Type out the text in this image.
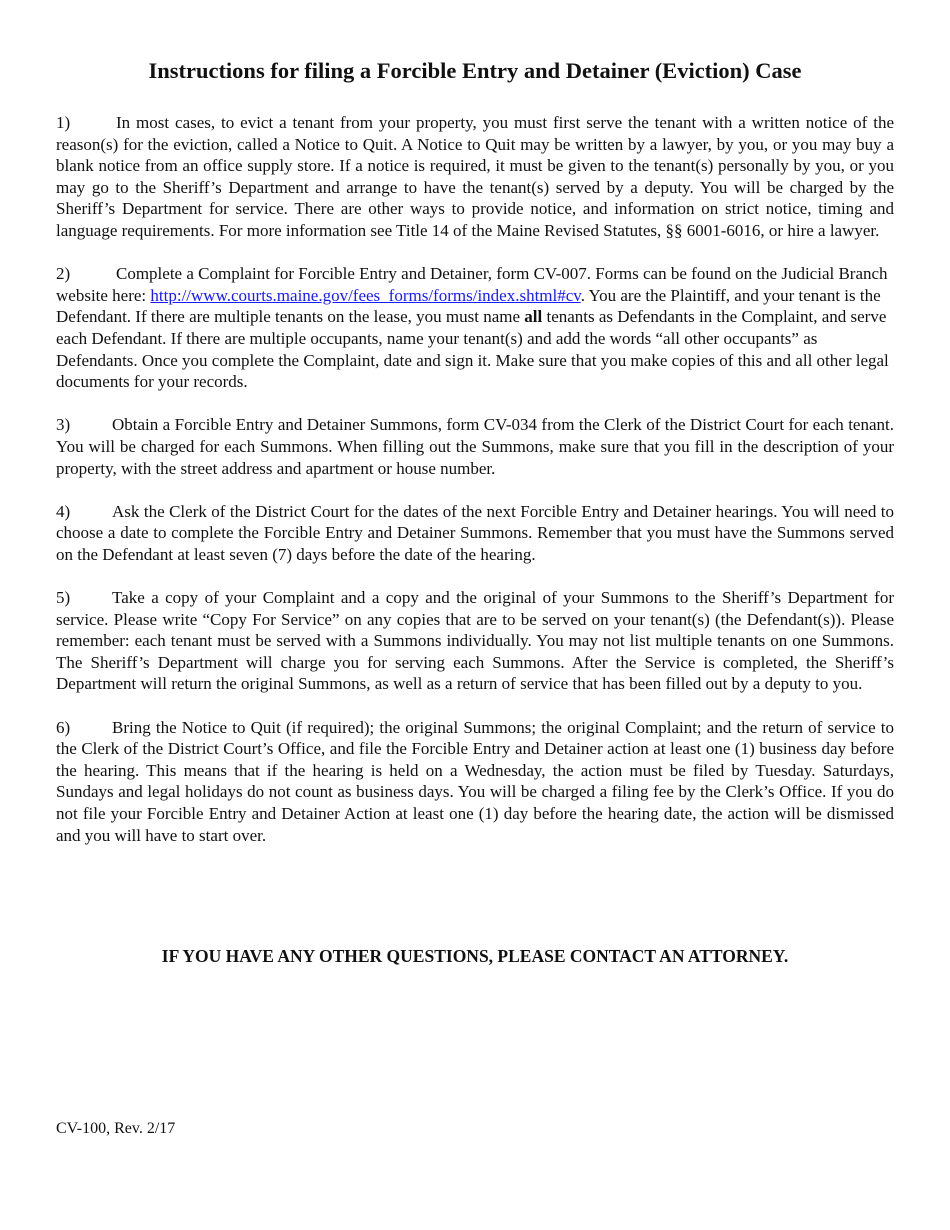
Instructions for filing a Forcible Entry and Detainer (Eviction) Case

1)	In most cases, to evict a tenant from your property, you must first serve the tenant with a written notice of the reason(s) for the eviction, called a Notice to Quit. A Notice to Quit may be written by a lawyer, by you, or you may buy a blank notice from an office supply store. If a notice is required, it must be given to the tenant(s) personally by you, or you may go to the Sheriff’s Department and arrange to have the tenant(s) served by a deputy. You will be charged by the Sheriff’s Department for service. There are other ways to provide notice, and information on strict notice, timing and language requirements. For more information see Title 14 of the Maine Revised Statutes, §§ 6001-6016, or hire a lawyer.

2)	Complete a Complaint for Forcible Entry and Detainer, form CV-007. Forms can be found on the Judicial Branch website here: http://www.courts.maine.gov/fees_forms/forms/index.shtml#cv. You are the Plaintiff, and your tenant is the Defendant. If there are multiple tenants on the lease, you must name all tenants as Defendants in the Complaint, and serve each Defendant. If there are multiple occupants, name your tenant(s) and add the words “all other occupants” as Defendants. Once you complete the Complaint, date and sign it. Make sure that you make copies of this and all other legal documents for your records.

3) Obtain a Forcible Entry and Detainer Summons, form CV-034 from the Clerk of the District Court for each tenant. You will be charged for each Summons. When filling out the Summons, make sure that you fill in the description of your property, with the street address and apartment or house number.

4) Ask the Clerk of the District Court for the dates of the next Forcible Entry and Detainer hearings. You will need to choose a date to complete the Forcible Entry and Detainer Summons. Remember that you must have the Summons served on the Defendant at least seven (7) days before the date of the hearing.

5) Take a copy of your Complaint and a copy and the original of your Summons to the Sheriff’s Department for service. Please write “Copy For Service” on any copies that are to be served on your tenant(s) (the Defendant(s)). Please remember: each tenant must be served with a Summons individually. You may not list multiple tenants on one Summons. The Sheriff’s Department will charge you for serving each Summons. After the Service is completed, the Sheriff’s Department will return the original Summons, as well as a return of service that has been filled out by a deputy to you.

6) Bring the Notice to Quit (if required); the original Summons; the original Complaint; and the return of service to the Clerk of the District Court’s Office, and file the Forcible Entry and Detainer action at least one (1) business day before the hearing. This means that if the hearing is held on a Wednesday, the action must be filed by Tuesday. Saturdays, Sundays and legal holidays do not count as business days. You will be charged a filing fee by the Clerk’s Office. If you do not file your Forcible Entry and Detainer Action at least one (1) day before the hearing date, the action will be dismissed and you will have to start over.

IF YOU HAVE ANY OTHER QUESTIONS, PLEASE CONTACT AN ATTORNEY.
CV-100, Rev. 2/17
